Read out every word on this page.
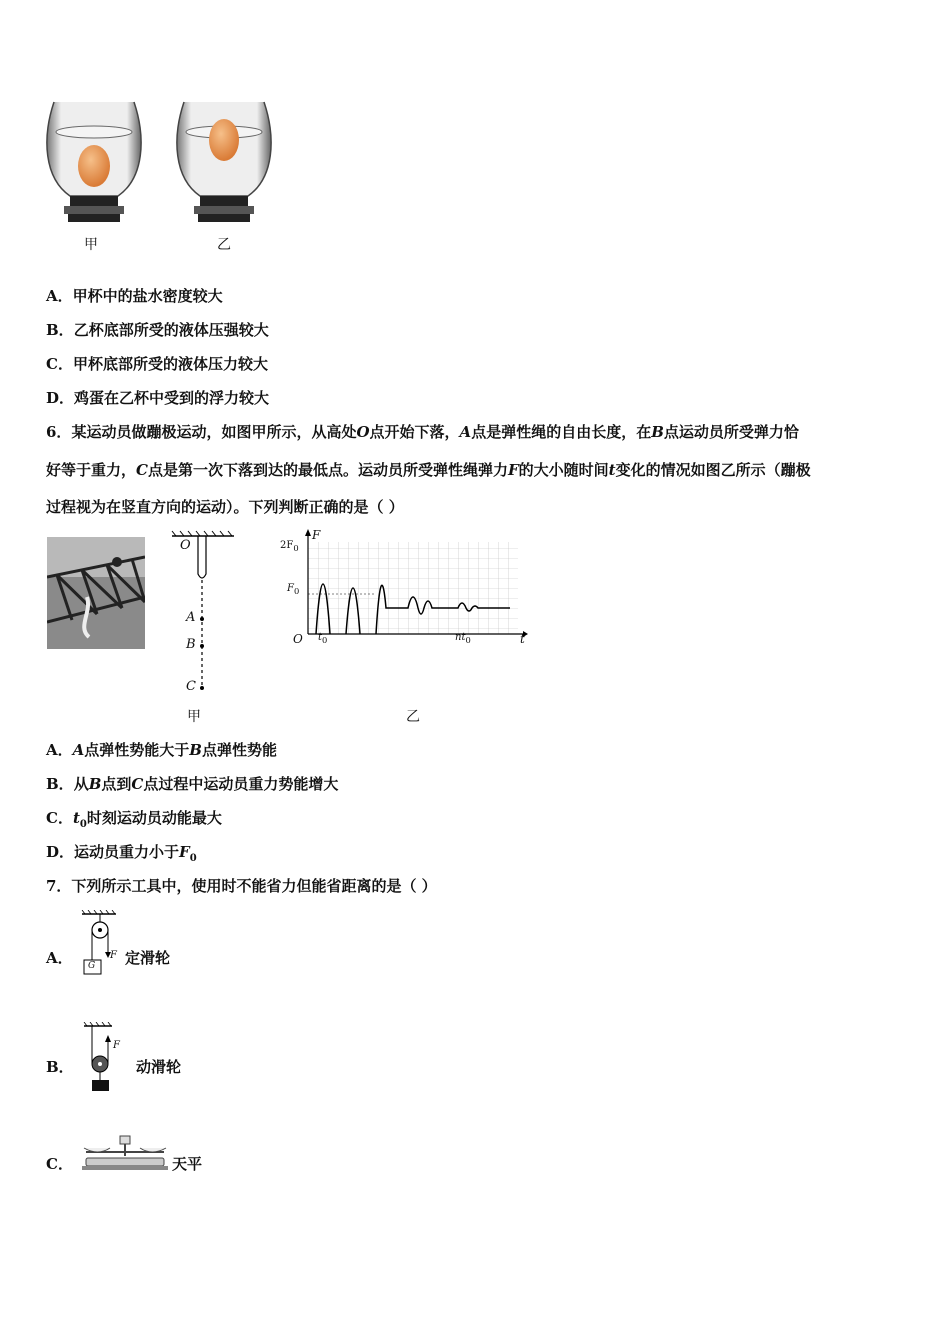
甲	乙
A．甲杯中的盐水密度较大
B．乙杯底部所受的液体压强较大
C．甲杯底部所受的液体压力较大
D．鸡蛋在乙杯中受到的浮力较大
6．某运动员做蹦极运动，如图甲所示，从高处O点开始下落，A点是弹性绳的自由长度，在B点运动员所受弹力恰
好等于重力，C点是第一次下落到达的最低点。运动员所受弹性绳弹力F的大小随时间t变化的情况如图乙所示（蹦极
过程视为在竖直方向的运动）。下列判断正确的是（ ）
O
A
B
C
F
$2F_0$
$F_0$
O $t_0$	$nt_0$	t
甲	乙
A．A点弹性势能大于B点弹性势能
B．从B点到C点过程中运动员重力势能增大
C．$t_0$时刻运动员动能最大
D．运动员重力小于$F_0$
7．下列所示工具中，使用时不能省力但能省距离的是（ ）
A． G
F 定滑轮
B．
F
动滑轮
C．	天平
